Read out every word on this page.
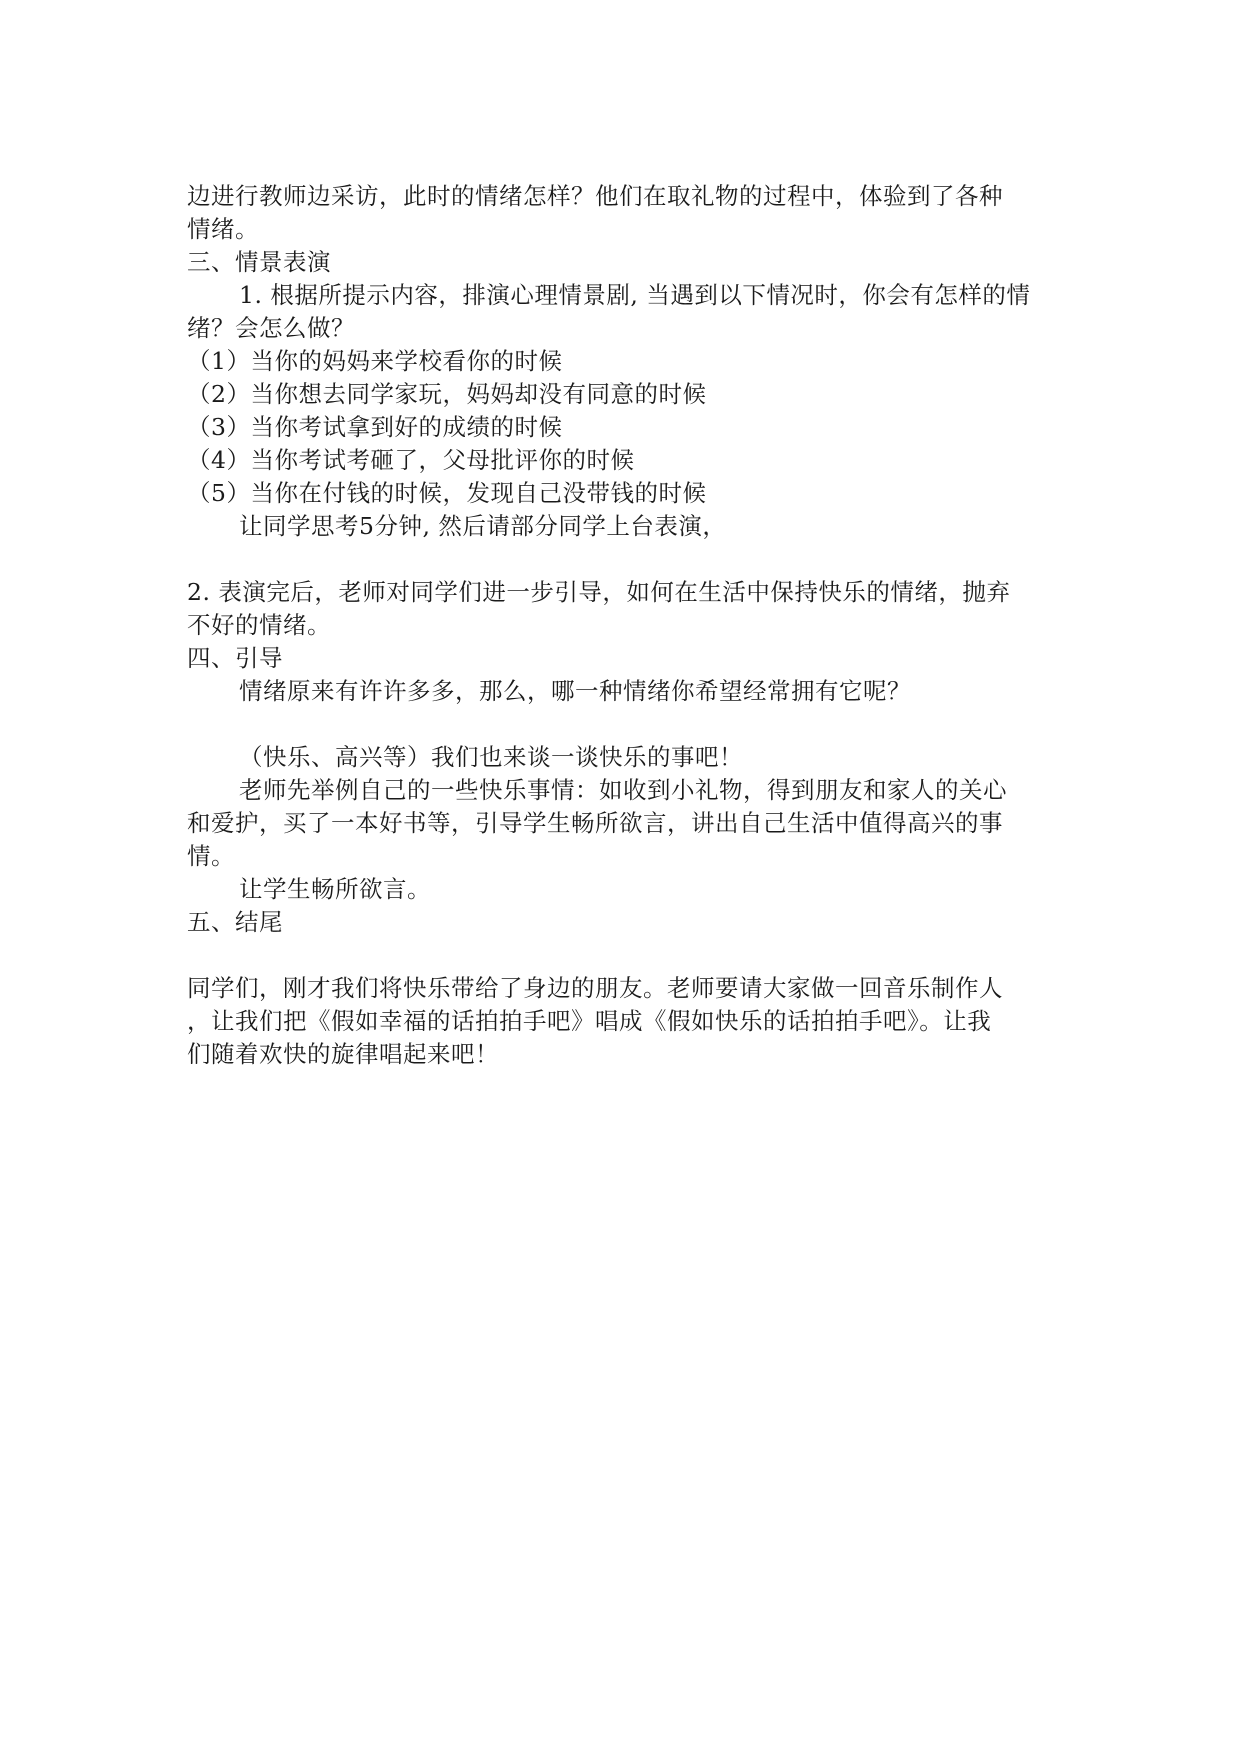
边进行教师边采访，此时的情绪怎样？他们在取礼物的过程中，体验到了各种
情绪。
三、情景表演
1. 根据所提示内容，排演心理情景剧, 当遇到以下情况时，你会有怎样的情
绪？会怎么做？
（1）当你的妈妈来学校看你的时候
（2）当你想去同学家玩，妈妈却没有同意的时候
（3）当你考试拿到好的成绩的时候
（4）当你考试考砸了，父母批评你的时候
（5）当你在付钱的时候，发现自己没带钱的时候
让同学思考5分钟, 然后请部分同学上台表演，
2. 表演完后，老师对同学们进一步引导，如何在生活中保持快乐的情绪，抛弃
不好的情绪。
四、引导
情绪原来有许许多多，那么，哪一种情绪你希望经常拥有它呢？
（快乐、高兴等）我们也来谈一谈快乐的事吧！
老师先举例自己的一些快乐事情：如收到小礼物，得到朋友和家人的关心
和爱护，买了一本好书等，引导学生畅所欲言，讲出自己生活中值得高兴的事
情。
让学生畅所欲言。
五、结尾
同学们，刚才我们将快乐带给了身边的朋友。老师要请大家做一回音乐制作人
，让我们把《假如幸福的话拍拍手吧》唱成《假如快乐的话拍拍手吧》。让我
们随着欢快的旋律唱起来吧！
